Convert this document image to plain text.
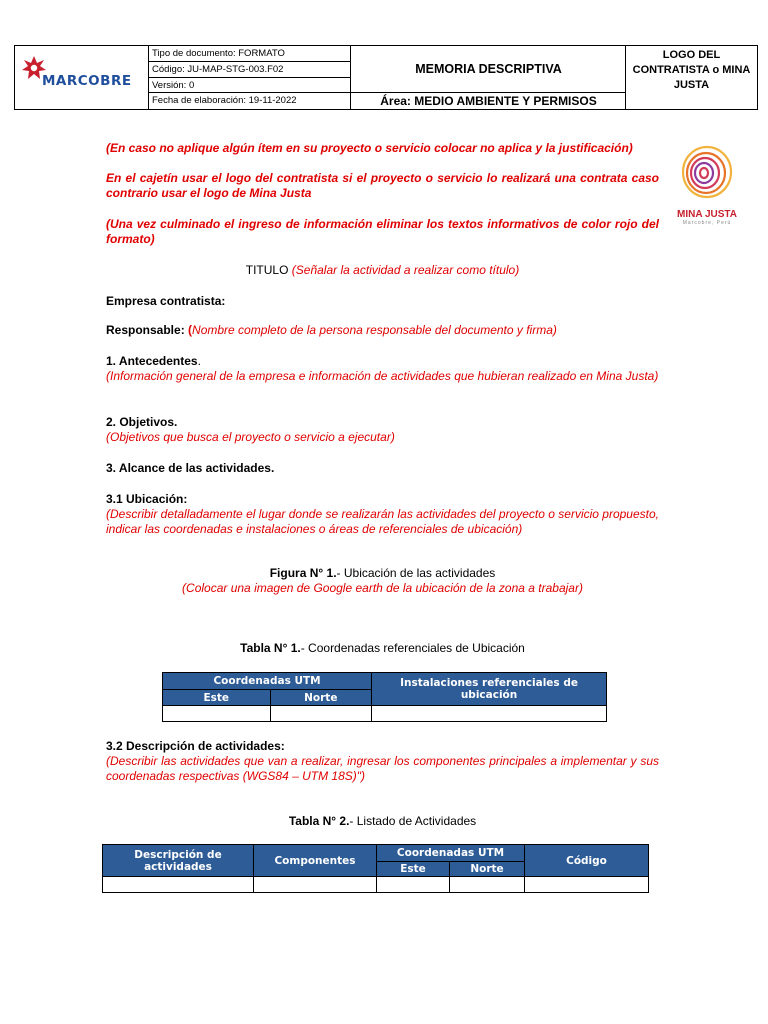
MARCOBRE
Tipo de documento: FORMATO
Código: JU-MAP-STG-003.F02
Versión: 0
Fecha de elaboración: 19-11-2022
MEMORIA DESCRIPTIVA
Área: MEDIO AMBIENTE Y PERMISOS
LOGO DEL
CONTRATISTA o MINA
JUSTA
MINA JUSTA
Marcobre, Perú
(En caso no aplique algún ítem en su proyecto o servicio colocar no aplica y la justificación)
En el cajetín usar el logo del contratista si el proyecto o servicio lo realizará una contrata caso contrario usar el logo de Mina Justa
(Una vez culminado el ingreso de información eliminar los textos informativos de color rojo del formato)
TITULO (Señalar la actividad a realizar como título)
Empresa contratista:
Responsable: (Nombre completo de la persona responsable del documento y firma)
1. Antecedentes.
(Información general de la empresa e información de actividades que hubieran realizado en Mina Justa)
2. Objetivos.
(Objetivos que busca el proyecto o servicio a ejecutar)
3. Alcance de las actividades.
3.1 Ubicación:
(Describir detalladamente el lugar donde se realizarán las actividades del proyecto o servicio propuesto, indicar las coordenadas e instalaciones o áreas de referenciales de ubicación)
Figura N° 1.- Ubicación de las actividades
(Colocar una imagen de Google earth de la ubicación de la zona a trabajar)
Tabla N° 1.- Coordenadas referenciales de Ubicación
Coordenadas UTM		Instalaciones referenciales de ubicación
Este	Norte	

3.2 Descripción de actividades:
(Describir las actividades que van a realizar, ingresar los componentes principales a implementar y sus coordenadas respectivas (WGS84 – UTM 18S)")
Tabla N° 2.- Listado de Actividades
Descripción de actividades	Componentes	Coordenadas UTM		Código
		Este	Norte	
